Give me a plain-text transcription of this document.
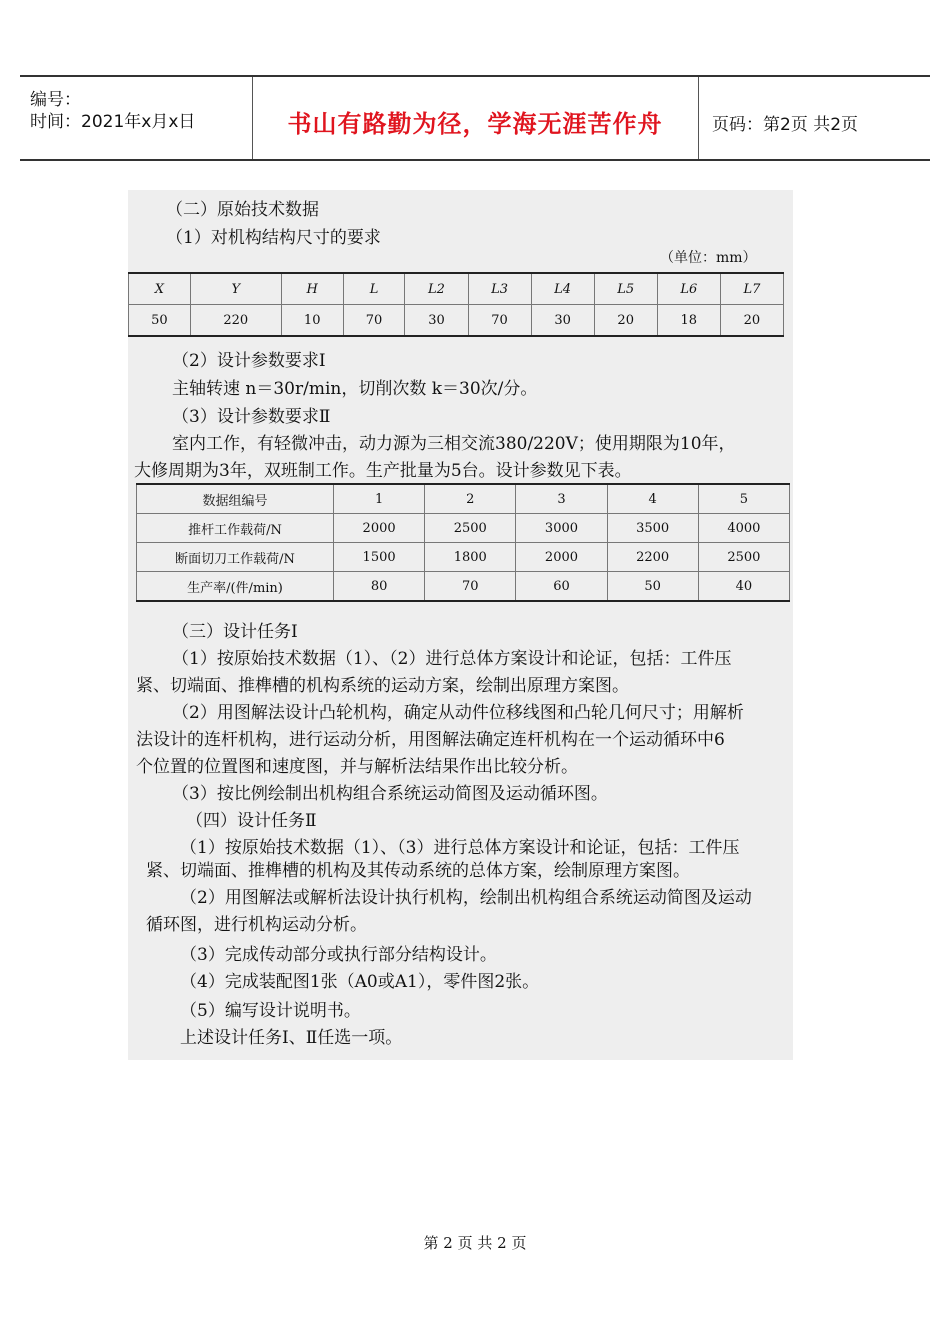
编号：
时间：2021年x月x日	书山有路勤为径，学海无涯苦作舟	页码：第2页 共2页
（二）原始技术数据
（1）对机构结构尺寸的要求
（单位：mm）
X	Y	H	L	L2	L3	L4	L5	L6	L7
50	220	10	70	30	70	30	20	18	20
（2）设计参数要求Ⅰ
主轴转速 n＝30r/min，切削次数 k＝30次/分。
（3）设计参数要求Ⅱ
室内工作，有轻微冲击，动力源为三相交流380/220V；使用期限为10年，
大修周期为3年，双班制工作。生产批量为5台。设计参数见下表。
数据组编号	1	2	3	4	5
推杆工作载荷/N	2000	2500	3000	3500	4000
断面切刀工作载荷/N	1500	1800	2000	2200	2500
生产率/(件/min)	80	70	60	50	40
（三）设计任务Ⅰ
（1）按原始技术数据（1）、（2）进行总体方案设计和论证，包括：工件压
紧、切端面、推榫槽的机构系统的运动方案，绘制出原理方案图。
（2）用图解法设计凸轮机构，确定从动件位移线图和凸轮几何尺寸；用解析
法设计的连杆机构，进行运动分析，用图解法确定连杆机构在一个运动循环中6
个位置的位置图和速度图，并与解析法结果作出比较分析。
（3）按比例绘制出机构组合系统运动简图及运动循环图。
（四）设计任务Ⅱ
（1）按原始技术数据（1）、（3）进行总体方案设计和论证，包括：工件压
紧、切端面、推榫槽的机构及其传动系统的总体方案，绘制原理方案图。
（2）用图解法或解析法设计执行机构，绘制出机构组合系统运动简图及运动
循环图，进行机构运动分析。
（3）完成传动部分或执行部分结构设计。
（4）完成装配图1张（A0或A1），零件图2张。
（5）编写设计说明书。
上述设计任务Ⅰ、Ⅱ任选一项。
第 2 页 共 2 页
